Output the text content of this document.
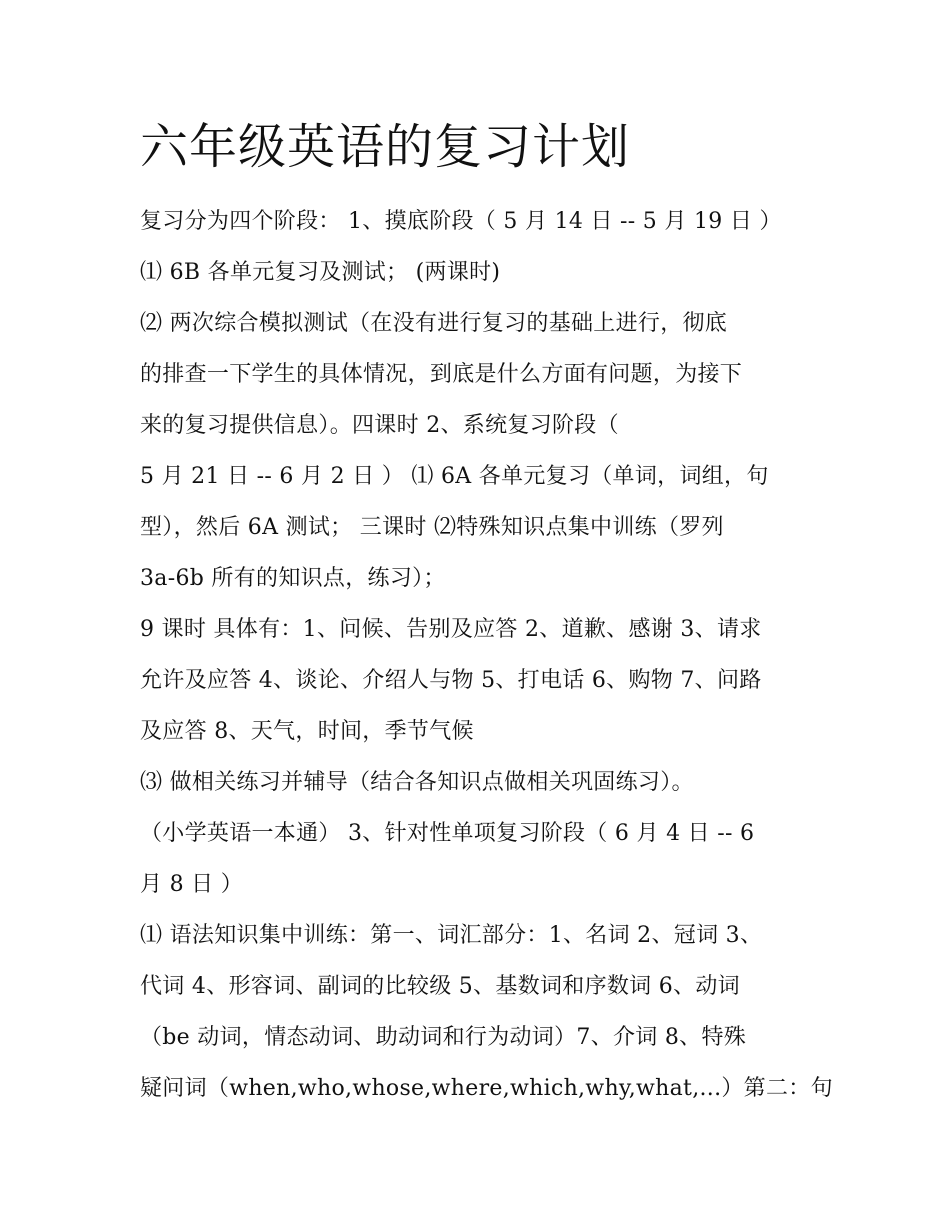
六年级英语的复习计划
复习分为四个阶段： 1、摸底阶段（ 5 月 14 日 -- 5 月 19 日 ）
⑴ 6B 各单元复习及测试； (两课时)
⑵ 两次综合模拟测试（在没有进行复习的基础上进行，彻底
的排查一下学生的具体情况，到底是什么方面有问题，为接下
来的复习提供信息）。四课时 2、系统复习阶段（
5 月 21 日 -- 6 月 2 日 ） ⑴ 6A 各单元复习（单词，词组，句
型），然后 6A 测试； 三课时 ⑵特殊知识点集中训练（罗列
3a-6b 所有的知识点，练习）；
9 课时 具体有：1、问候、告别及应答 2、道歉、感谢 3、请求
允许及应答 4、谈论、介绍人与物 5、打电话 6、购物 7、问路
及应答 8、天气，时间，季节气候
⑶ 做相关练习并辅导（结合各知识点做相关巩固练习）。
（小学英语一本通） 3、针对性单项复习阶段（ 6 月 4 日 -- 6
月 8 日 ）
⑴ 语法知识集中训练：第一、词汇部分：1、名词 2、冠词 3、
代词 4、形容词、副词的比较级 5、基数词和序数词 6、动词
（be 动词，情态动词、助动词和行为动词）7、介词 8、特殊
疑问词（when,who,whose,where,which,why,what,...）第二：句
